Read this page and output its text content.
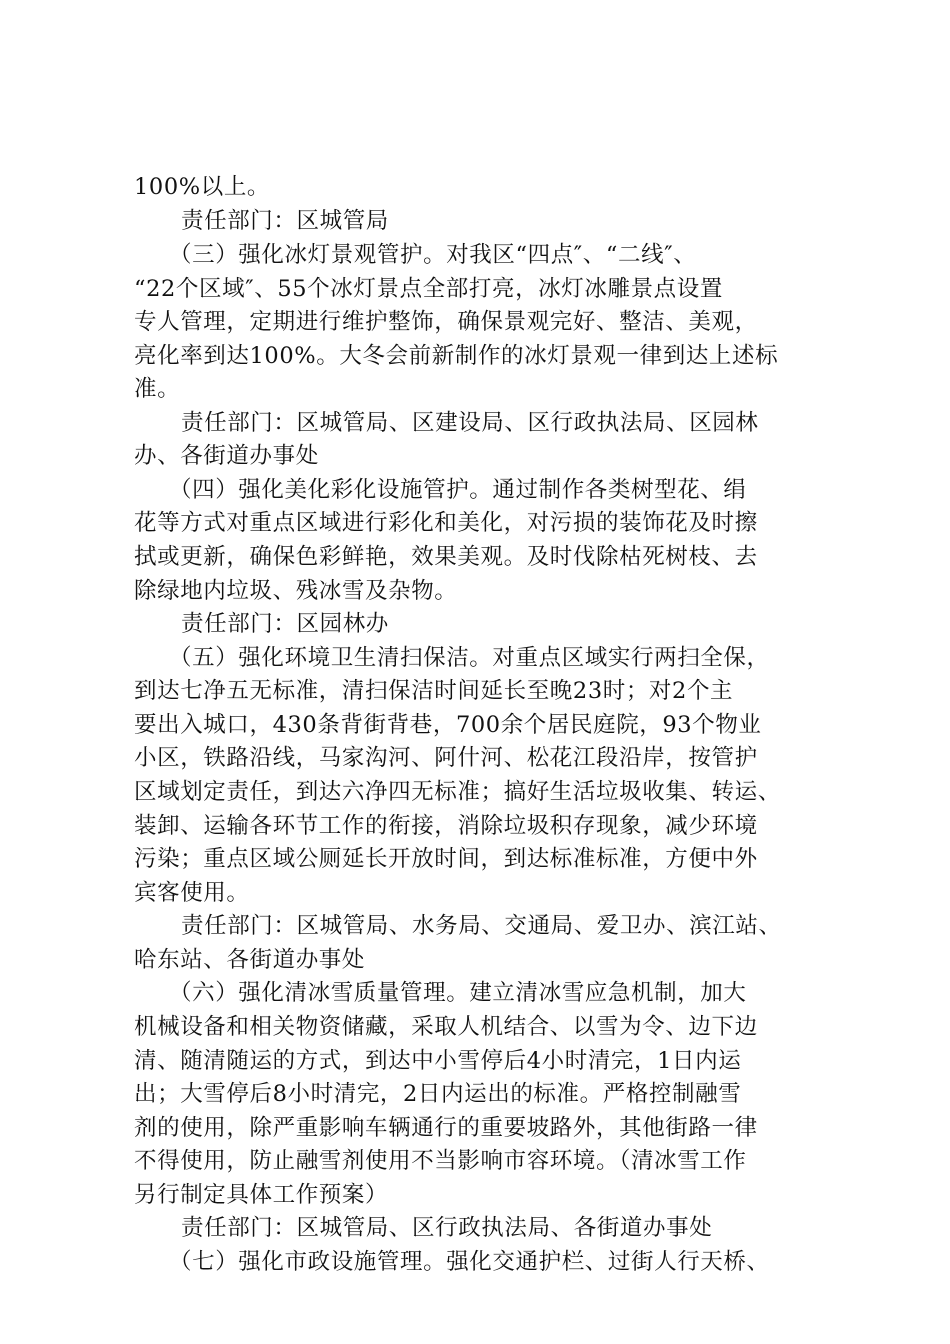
100%以上。
责任部门：区城管局
（三）强化冰灯景观管护。对我区“四点″、“二线″、
“22个区域″、55个冰灯景点全部打亮，冰灯冰雕景点设置
专人管理，定期进行维护整饰，确保景观完好、整洁、美观，
亮化率到达100%。大冬会前新制作的冰灯景观一律到达上述标
准。
责任部门：区城管局、区建设局、区行政执法局、区园林
办、各街道办事处
（四）强化美化彩化设施管护。通过制作各类树型花、绢
花等方式对重点区域进行彩化和美化，对污损的装饰花及时擦
拭或更新，确保色彩鲜艳，效果美观。及时伐除枯死树枝、去
除绿地内垃圾、残冰雪及杂物。
责任部门：区园林办
（五）强化环境卫生清扫保洁。对重点区域实行两扫全保，
到达七净五无标准，清扫保洁时间延长至晚23时；对2个主
要出入城口，430条背街背巷，700余个居民庭院，93个物业
小区，铁路沿线，马家沟河、阿什河、松花江段沿岸，按管护
区域划定责任，到达六净四无标准；搞好生活垃圾收集、转运、
装卸、运输各环节工作的衔接，消除垃圾积存现象，减少环境
污染；重点区域公厕延长开放时间，到达标准标准，方便中外
宾客使用。
责任部门：区城管局、水务局、交通局、爱卫办、滨江站、
哈东站、各街道办事处
（六）强化清冰雪质量管理。建立清冰雪应急机制，加大
机械设备和相关物资储藏，采取人机结合、以雪为令、边下边
清、随清随运的方式，到达中小雪停后4小时清完，1日内运
出；大雪停后8小时清完，2日内运出的标准。严格控制融雪
剂的使用，除严重影响车辆通行的重要坡路外，其他街路一律
不得使用，防止融雪剂使用不当影响市容环境。（清冰雪工作
另行制定具体工作预案）
责任部门：区城管局、区行政执法局、各街道办事处
（七）强化市政设施管理。强化交通护栏、过街人行天桥、
